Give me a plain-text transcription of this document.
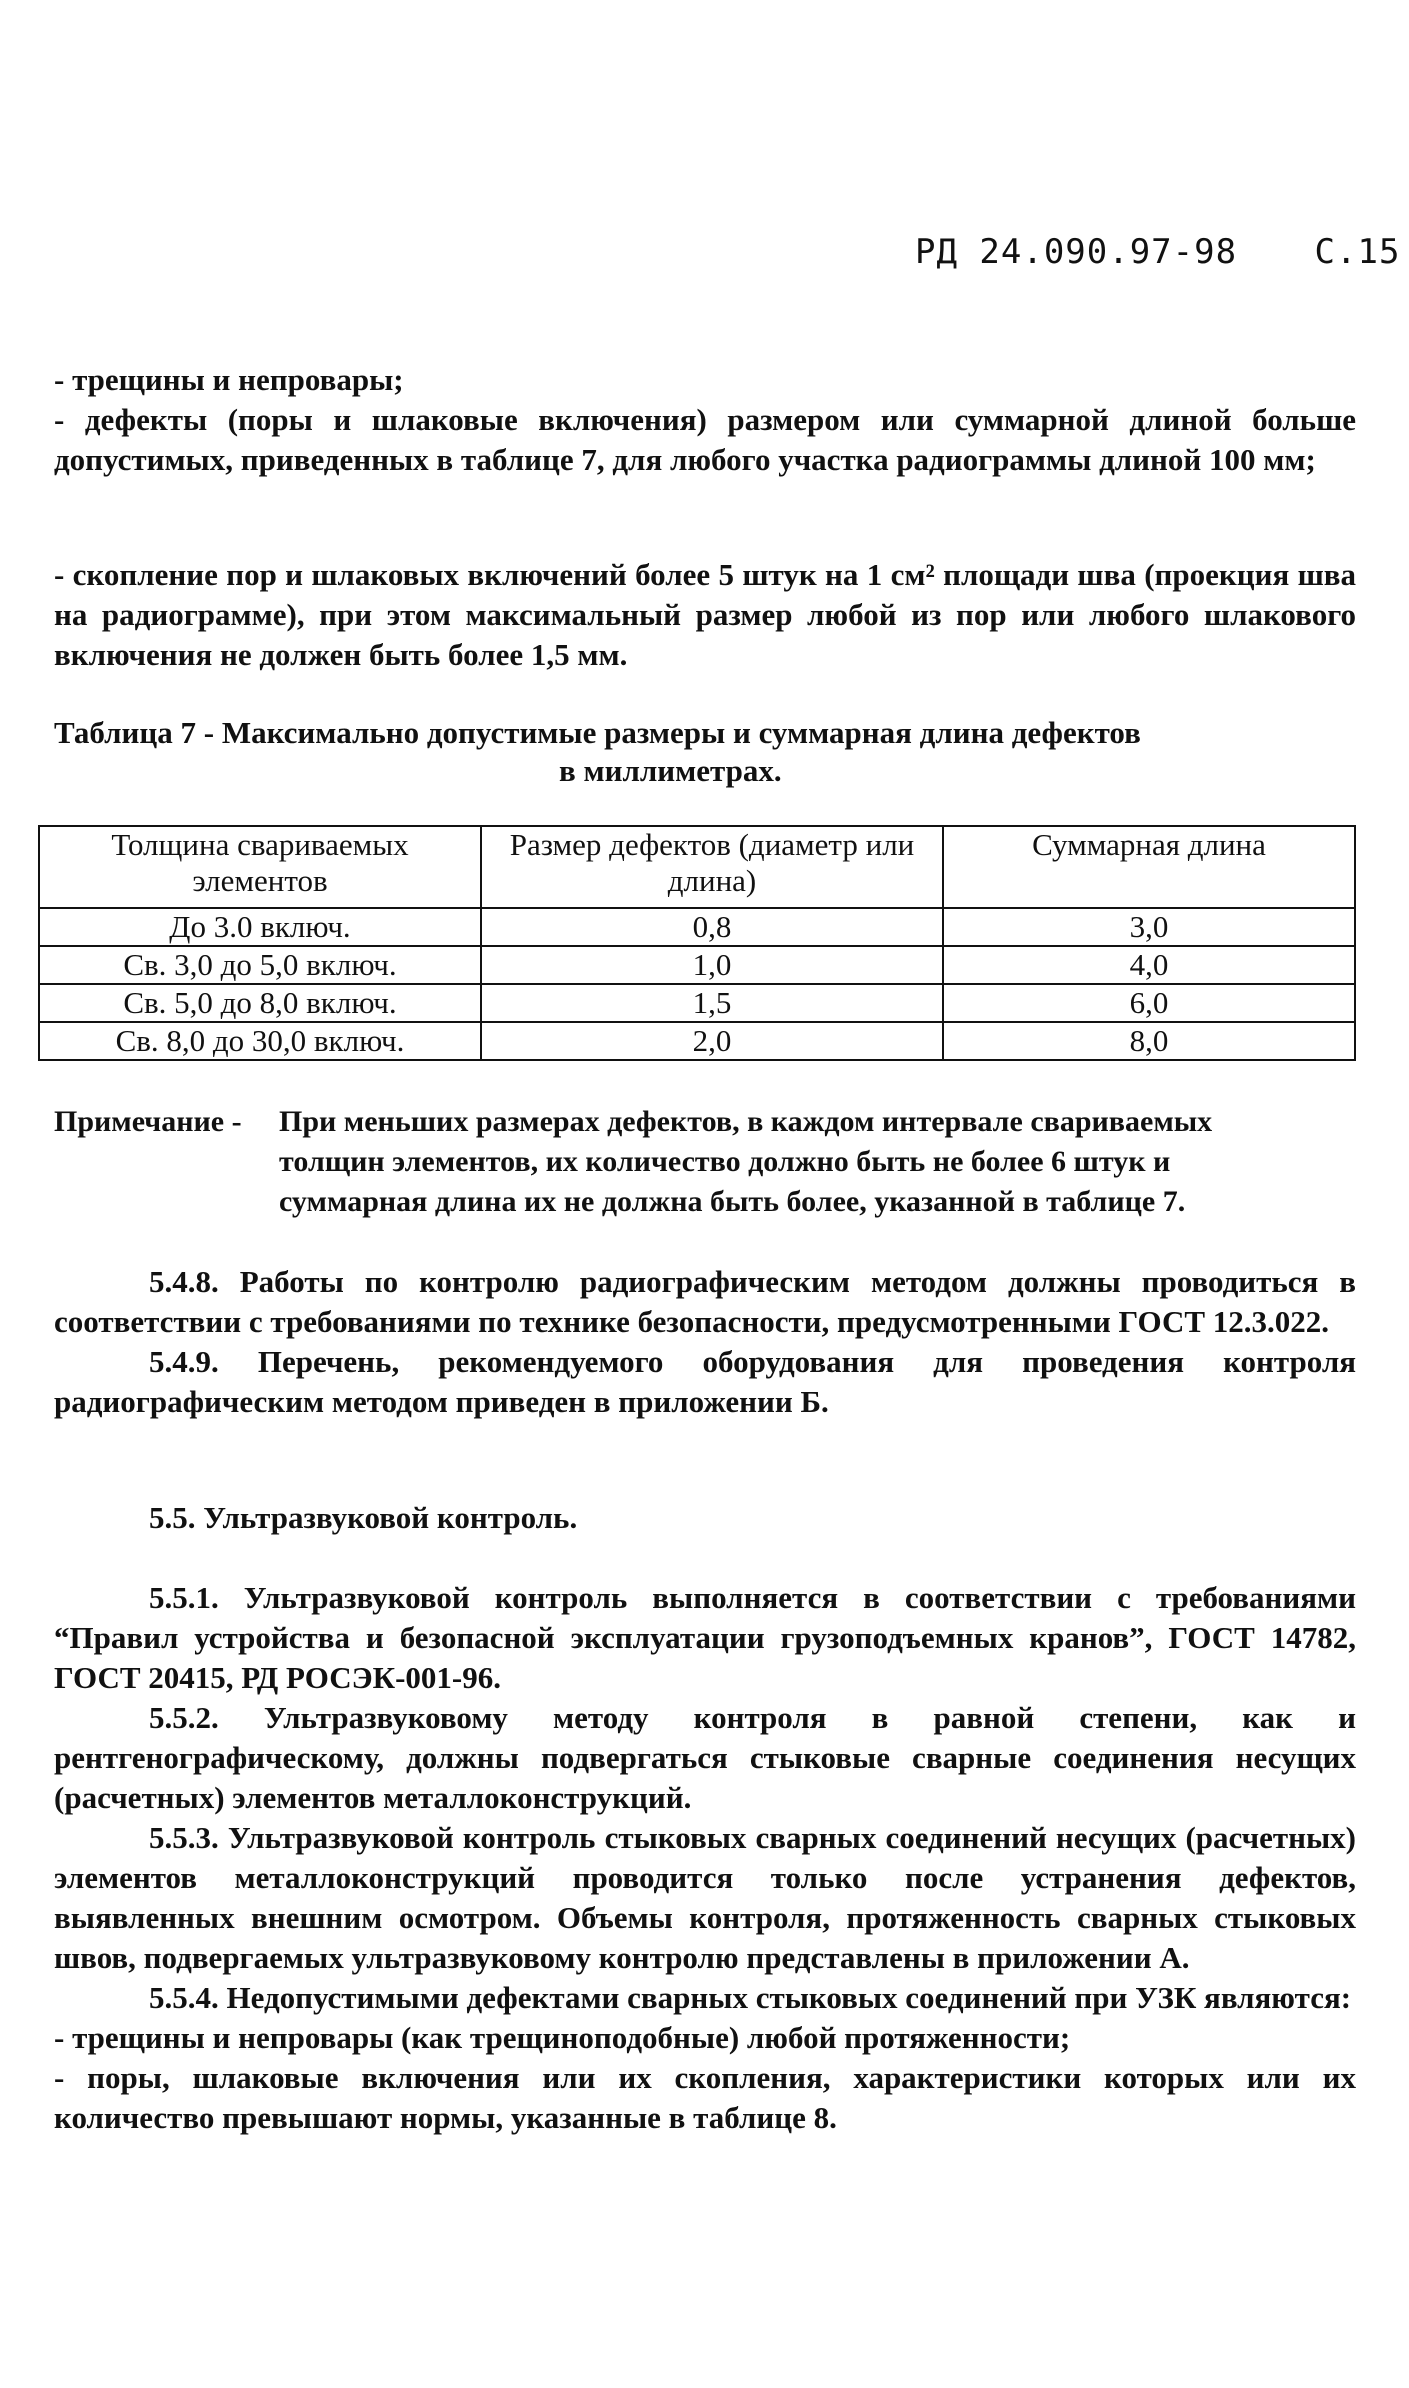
РД 24.090.97-98 С.15

- трещины и непровары;

- дефекты (поры и шлаковые включения) размером или суммарной длиной больше допустимых, приведенных в таблице 7, для любого участка радиограммы длиной 100 мм;

- скопление пор и шлаковых включений более 5 штук на 1 см² площади шва (проекция шва на радиограмме), при этом максимальный размер любой из пор или любого шлакового включения не должен быть более 1,5 мм.

Таблица 7 - Максимально допустимые размеры и суммарная длина дефектов
в миллиметрах.
Толщина свариваемых элементов	Размер дефектов (диаметр или длина)	Суммарная длина
До 3.0 включ.	0,8	3,0
Св. 3,0 до 5,0 включ.	1,0	4,0
Св. 5,0 до 8,0 включ.	1,5	6,0
Св. 8,0 до 30,0 включ.	2,0	8,0
Примечание - При меньших размерах дефектов, в каждом интервале свариваемых
толщин элементов, их количество должно быть не более 6 штук и
суммарная длина их не должна быть более, указанной в таблице 7.

5.4.8. Работы по контролю радиографическим методом должны проводиться в соответствии с требованиями по технике безопасности, предусмотренными ГОСТ 12.3.022.

5.4.9. Перечень, рекомендуемого оборудования для проведения контроля радиографическим методом приведен в приложении Б.

5.5. Ультразвуковой контроль.

5.5.1. Ультразвуковой контроль выполняется в соответствии с требованиями “Правил устройства и безопасной эксплуатации грузоподъемных кранов”, ГОСТ 14782, ГОСТ 20415, РД РОСЭК-001-96.

5.5.2. Ультразвуковому методу контроля в равной степени, как и рентгенографическому, должны подвергаться стыковые сварные соединения несущих (расчетных) элементов металлоконструкций.

5.5.3. Ультразвуковой контроль стыковых сварных соединений несущих (расчетных) элементов металлоконструкций проводится только после устранения дефектов, выявленных внешним осмотром. Объемы контроля, протяженность сварных стыковых швов, подвергаемых ультразвуковому контролю представлены в приложении А.

5.5.4. Недопустимыми дефектами сварных стыковых соединений при УЗК являются:

- трещины и непровары (как трещиноподобные) любой протяженности;

- поры, шлаковые включения или их скопления, характеристики которых или их количество превышают нормы, указанные в таблице 8.
